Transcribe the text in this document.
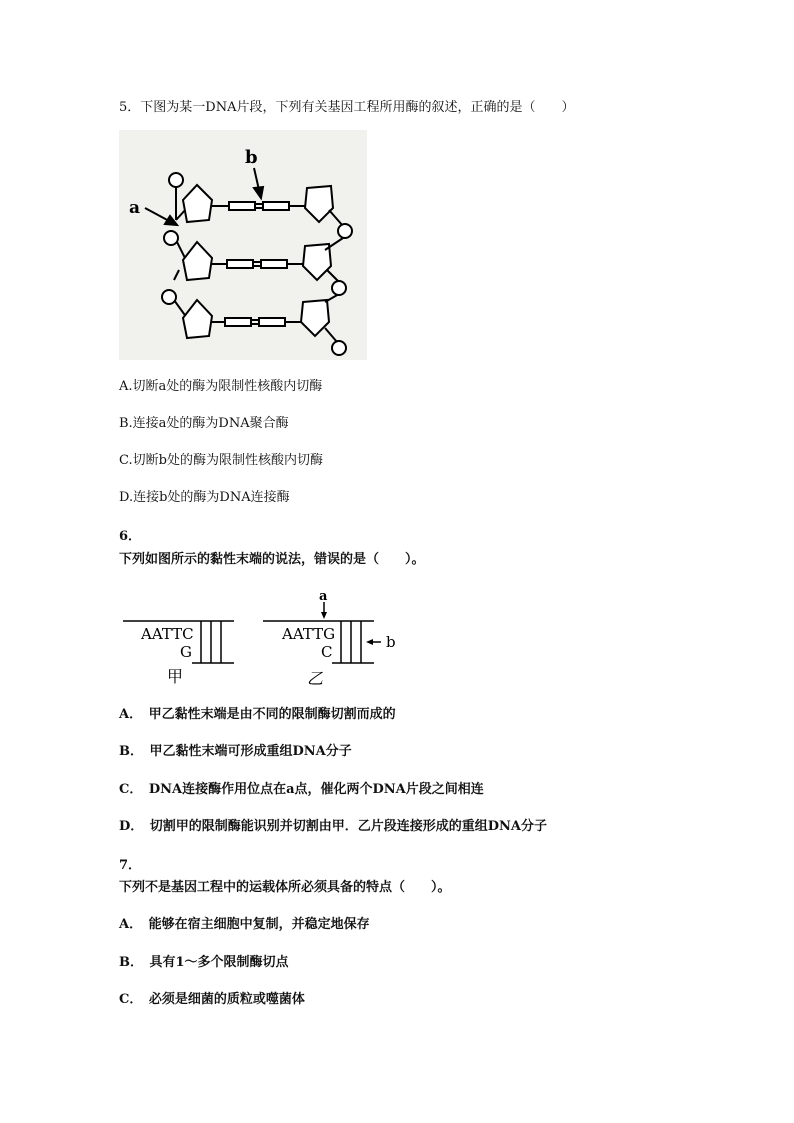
5．下图为某一DNA片段，下列有关基因工程所用酶的叙述，正确的是（　　）
a
b
A.切断a处的酶为限制性核酸内切酶
B.连接a处的酶为DNA聚合酶
C.切断b处的酶为限制性核酸内切酶
D.连接b处的酶为DNA连接酶
6．
下列如图所示的黏性末端的说法，错误的是（　　）。
AATTC
G
甲
AATTG
C
乙
a
b
A．　甲乙黏性末端是由不同的限制酶切割而成的
B．　甲乙黏性末端可形成重组DNA分子
C．　DNA连接酶作用位点在a点，催化两个DNA片段之间相连
D．　切割甲的限制酶能识别并切割由甲．乙片段连接形成的重组DNA分子
7．
下列不是基因工程中的运载体所必须具备的特点（　　）。
A．　能够在宿主细胞中复制，并稳定地保存
B．　具有1～多个限制酶切点
C．　必须是细菌的质粒或噬菌体
